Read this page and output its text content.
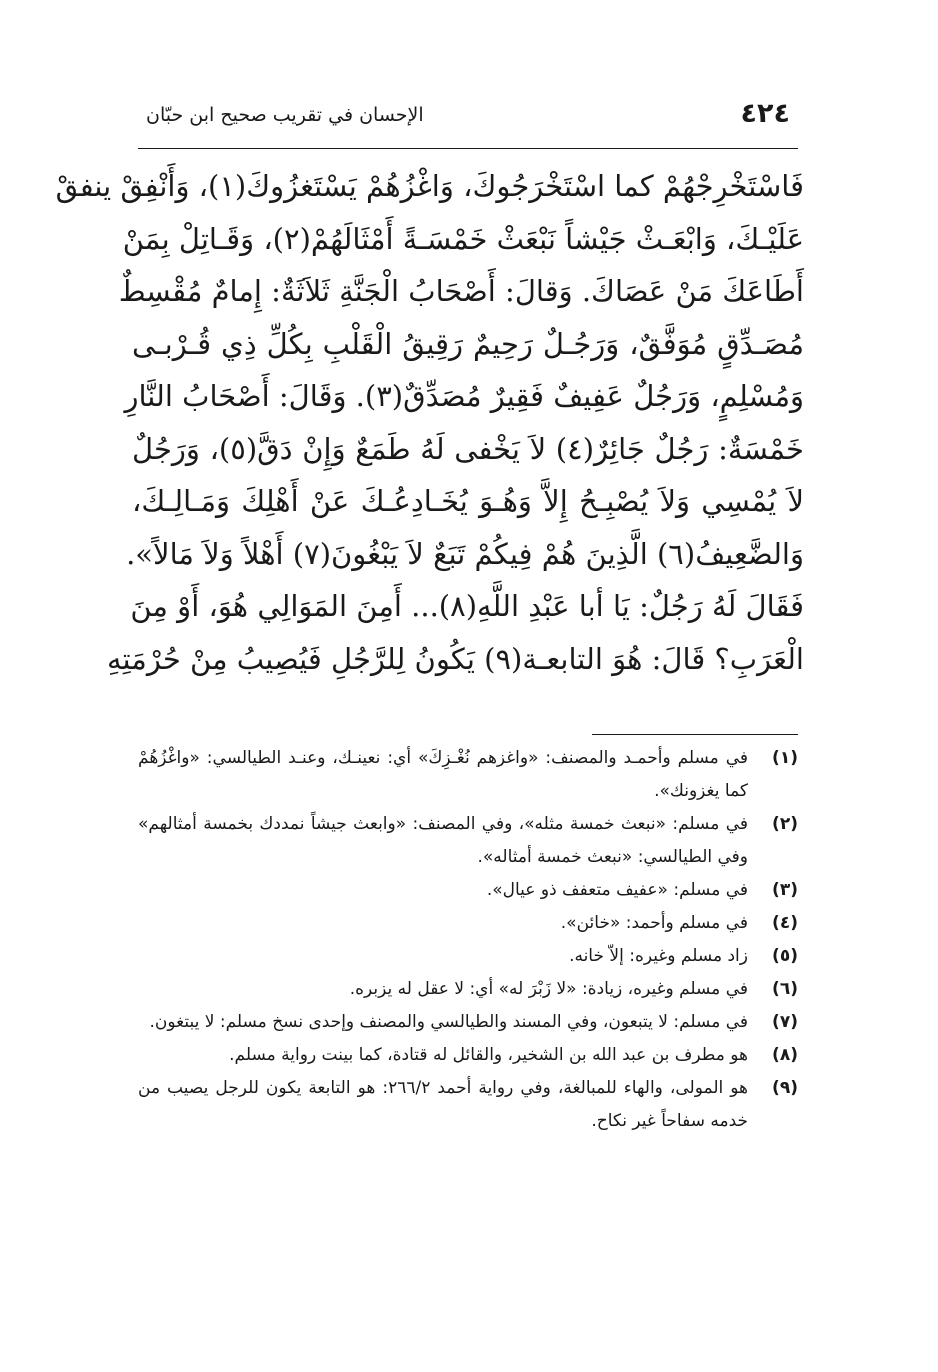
٤٢٤
الإحسان في تقريب صحيح ابن حبّان
فَاسْتَخْرِجْهُمْ كما اسْتَخْرَجُوكَ، وَاغْزُهُمْ يَسْتَغزُوكَ(١)، وَأَنْفِقْ ينفقْ
عَلَيْـكَ، وَابْعَـثْ جَيْشاً نَبْعَثْ خَمْسَـةً أَمْثَالَهُمْ(٢)، وَقَـاتِلْ بِمَنْ
أَطَاعَكَ مَنْ عَصَاكَ. وَقالَ: أَصْحَابُ الْجَنَّةِ ثَلاَثَةٌ: إِمامٌ مُقْسِطٌ
مُصَـدِّقٍ مُوَفَّقٌ، وَرَجُـلٌ رَحِيمٌ رَقِيقُ الْقَلْبِ بِكُلِّ ذِي قُـرْبـى
وَمُسْلِمٍ، وَرَجُلٌ عَفِيفٌ فَقِيرٌ مُصَدِّقٌ(٣). وَقَالَ: أَصْحَابُ النَّارِ
خَمْسَةٌ: رَجُلٌ جَائِرٌ(٤) لاَ يَخْفى لَهُ طَمَعٌ وَإِنْ دَقَّ(٥)، وَرَجُلٌ
لاَ يُمْسِي وَلاَ يُصْبِـحُ إِلاَّ وَهُـوَ يُخَـادِعُـكَ عَنْ أَهْلِكَ وَمَـالِـكَ،
وَالضَّعِيفُ(٦) الَّذِينَ هُمْ فِيكُمْ تَبَعٌ لاَ يَبْغُونَ(٧) أَهْلاً وَلاَ مَالاً».
فَقَالَ لَهُ رَجُلٌ: يَا أبا عَبْدِ اللَّهِ(٨)... أَمِنَ المَوَالِي هُوَ، أَوْ مِنَ
الْعَرَبِ؟ قَالَ: هُوَ التابعـة(٩) يَكُونُ لِلرَّجُلِ فَيُصِيبُ مِنْ حُرْمَتِهِ

(١)
في مسلم وأحمـد والمصنف: «واغزهم نُغْـزِكَ» أي: نعينـك، وعنـد الطيالسي: «واغْزُهُمْ كما يغزونك».

(٢)
في مسلم: «نبعث خمسة مثله»، وفي المصنف: «وابعث جيشاً نمددك بخمسة أمثالهم» وفي الطيالسي: «نبعث خمسة أمثاله».

(٣)
في مسلم: «عفيف متعفف ذو عيال».

(٤)
في مسلم وأحمد: «خائن».

(٥)
زاد مسلم وغيره: إلاّ خانه.

(٦)
في مسلم وغيره، زيادة: «لا زَبْرَ له» أي: لا عقل له يزبره.

(٧)
في مسلم: لا يتبعون، وفي المسند والطيالسي والمصنف وإحدى نسخ مسلم: لا يبتغون.

(٨)
هو مطرف بن عبد الله بن الشخير، والقائل له قتادة، كما بينت رواية مسلم.

(٩)
هو المولى، والهاء للمبالغة، وفي رواية أحمد ٢٦٦/٢: هو التابعة يكون للرجل يصيب من خدمه سفاحاً غير نكاح.
